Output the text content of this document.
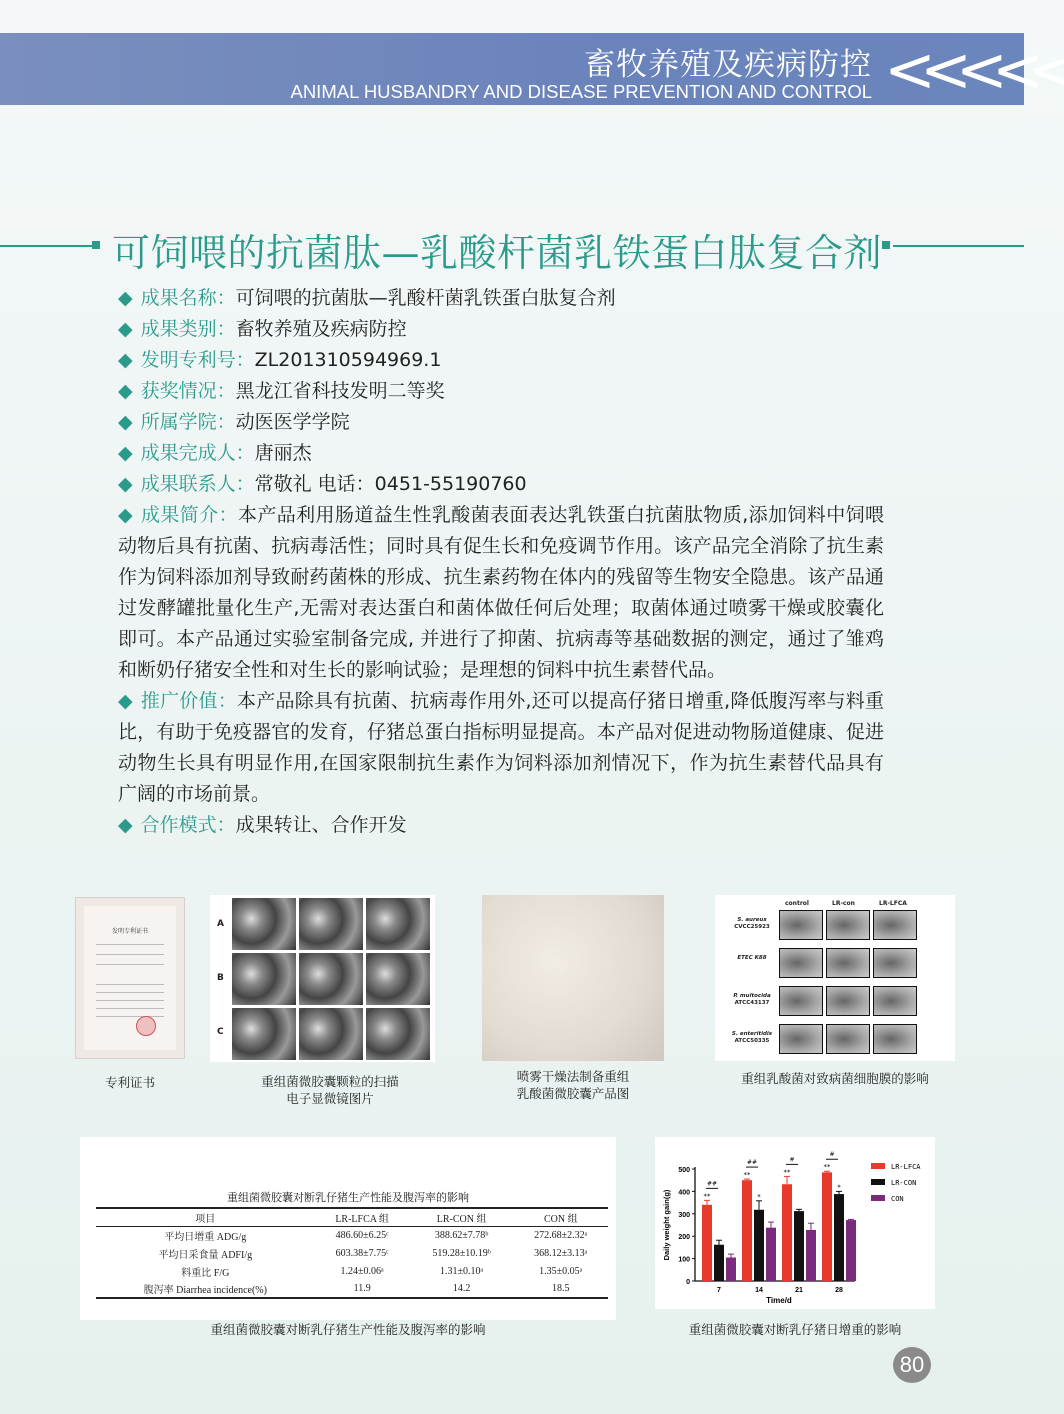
畜牧养殖及疾病防控
ANIMAL HUSBANDRY AND DISEASE PREVENTION AND CONTROL <<<<<
可饲喂的抗菌肽—乳酸杆菌乳铁蛋白肽复合剂

◆ 成果名称：可饲喂的抗菌肽—乳酸杆菌乳铁蛋白肽复合剂

◆ 成果类别：畜牧养殖及疾病防控

◆ 发明专利号：ZL201310594969.1

◆ 获奖情况：黑龙江省科技发明二等奖

◆ 所属学院：动医医学学院

◆ 成果完成人：唐丽杰

◆ 成果联系人：常敬礼 电话：0451-55190760

◆ 成果简介：本产品利用肠道益生性乳酸菌表面表达乳铁蛋白抗菌肽物质,添加饲料中饲喂动物后具有抗菌、抗病毒活性；同时具有促生长和免疫调节作用。该产品完全消除了抗生素作为饲料添加剂导致耐药菌株的形成、抗生素药物在体内的残留等生物安全隐患。该产品通过发酵罐批量化生产,无需对表达蛋白和菌体做任何后处理；取菌体通过喷雾干燥或胶囊化即可。本产品通过实验室制备完成, 并进行了抑菌、抗病毒等基础数据的测定，通过了雏鸡和断奶仔猪安全性和对生长的影响试验；是理想的饲料中抗生素替代品。

◆ 推广价值：本产品除具有抗菌、抗病毒作用外,还可以提高仔猪日增重,降低腹泻率与料重比，有助于免疫器官的发育，仔猪总蛋白指标明显提高。本产品对促进动物肠道健康、促进动物生长具有明显作用,在国家限制抗生素作为饲料添加剂情况下，作为抗生素替代品具有广阔的市场前景。

◆ 合作模式：成果转让、合作开发

发明专利证书
专利证书
A
B
C
重组菌微胶囊颗粒的扫描
电子显微镜图片
喷雾干燥法制备重组
乳酸菌微胶囊产品图
control	LR-con	LR-LFCA
S. aureus
CVCC25923
ETEC K88

P. multocida
ATCC43137
S. enteritidis
ATCC50335
重组乳酸菌对致病菌细胞膜的影响
重组菌微胶囊对断乳仔猪生产性能及腹泻率的影响
项目	LR-LFCA 组	LR-CON 组	CON 组
平均日增重 ADG/g	486.60±6.25ᶜ	388.62±7.78ᵇ	272.68±2.32ᵃ
平均日采食量 ADFI/g	603.38±7.75ᶜ	519.28±10.19ᵇ	368.12±3.13ᵃ
料重比 F/G	1.24±0.06ᵃ	1.31±0.10ᵃ	1.35±0.05ᵃ
腹泻率 Diarrhea incidence(%)	11.9	14.2	18.5
重组菌微胶囊对断乳仔猪生产性能及腹泻率的影响
0
100
200
300
400
500
7
**
##
14
**
*
##
21
**
#
28
**
*
#
Time/d
Daily weight gain(g)
LR-LFCA
LR-CON
CON
重组菌微胶囊对断乳仔猪日增重的影响
80
